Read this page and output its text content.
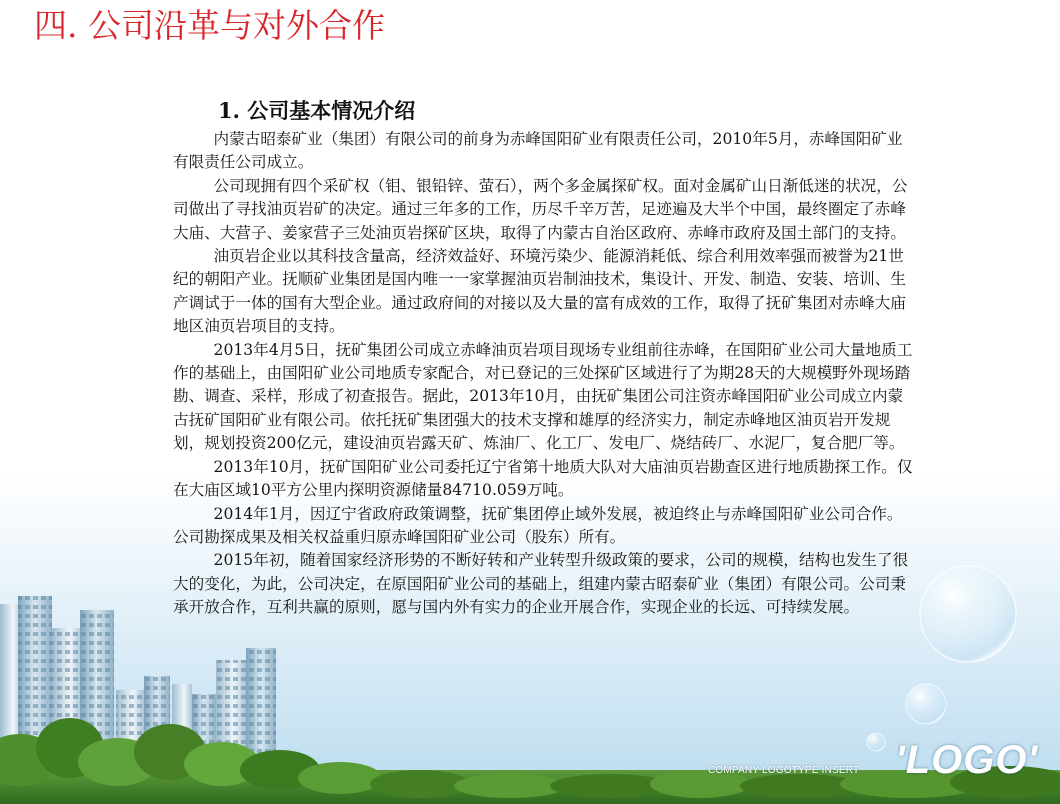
四. 公司沿革与对外合作
1. 公司基本情况介绍

内蒙古昭泰矿业（集团）有限公司的前身为赤峰国阳矿业有限责任公司，2010年5月，赤峰国阳矿业有限责任公司成立。

公司现拥有四个采矿权（钼、银铅锌、萤石），两个多金属探矿权。面对金属矿山日渐低迷的状况，公司做出了寻找油页岩矿的决定。通过三年多的工作，历尽千辛万苦，足迹遍及大半个中国，最终圈定了赤峰大庙、大营子、姜家营子三处油页岩探矿区块，取得了内蒙古自治区政府、赤峰市政府及国土部门的支持。

油页岩企业以其科技含量高，经济效益好、环境污染少、能源消耗低、综合利用效率强而被誉为21世纪的朝阳产业。抚顺矿业集团是国内唯一一家掌握油页岩制油技术，集设计、开发、制造、安装、培训、生产调试于一体的国有大型企业。通过政府间的对接以及大量的富有成效的工作，取得了抚矿集团对赤峰大庙地区油页岩项目的支持。

2013年4月5日，抚矿集团公司成立赤峰油页岩项目现场专业组前往赤峰，在国阳矿业公司大量地质工作的基础上，由国阳矿业公司地质专家配合，对已登记的三处探矿区域进行了为期28天的大规模野外现场踏勘、调查、采样，形成了初查报告。据此，2013年10月，由抚矿集团公司注资赤峰国阳矿业公司成立内蒙古抚矿国阳矿业有限公司。依托抚矿集团强大的技术支撑和雄厚的经济实力，制定赤峰地区油页岩开发规划，规划投资200亿元，建设油页岩露天矿、炼油厂、化工厂、发电厂、烧结砖厂、水泥厂，复合肥厂等。

2013年10月，抚矿国阳矿业公司委托辽宁省第十地质大队对大庙油页岩勘查区进行地质勘探工作。仅在大庙区域10平方公里内探明资源储量84710.059万吨。

2014年1月，因辽宁省政府政策调整，抚矿集团停止域外发展，被迫终止与赤峰国阳矿业公司合作。公司勘探成果及相关权益重归原赤峰国阳矿业公司（股东）所有。

2015年初，随着国家经济形势的不断好转和产业转型升级政策的要求，公司的规模，结构也发生了很大的变化，为此，公司决定，在原国阳矿业公司的基础上，组建内蒙古昭泰矿业（集团）有限公司。公司秉承开放合作，互利共赢的原则，愿与国内外有实力的企业开展合作，实现企业的长远、可持续发展。

COMPANY LOGOTYPE INSERT 'LOGO'
